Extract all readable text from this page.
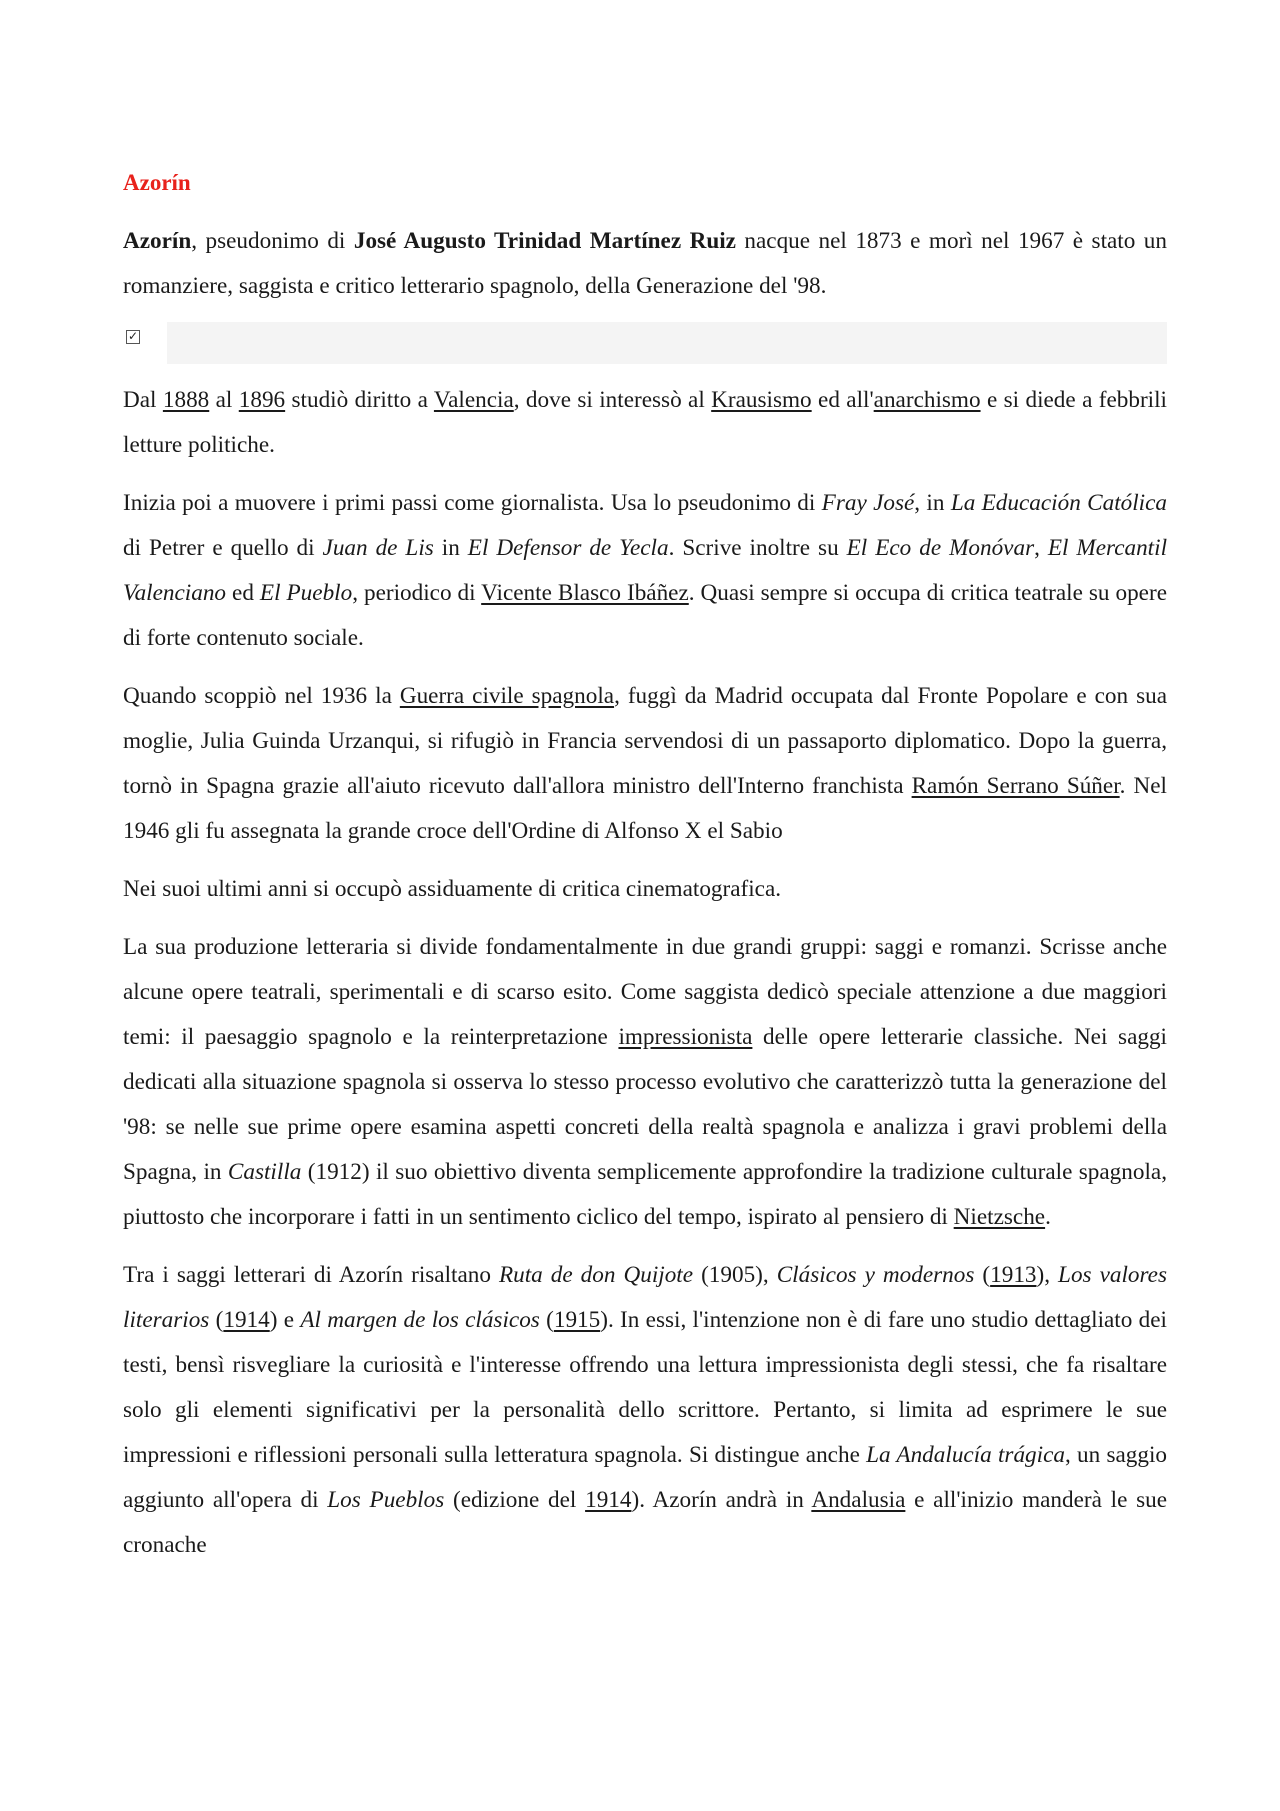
Azorín

Azorín, pseudonimo di José Augusto Trinidad Martínez Ruiz nacque nel 1873 e morì nel 1967 è stato un romanziere, saggista e critico letterario spagnolo, della Generazione del '98.

✓

Dal 1888 al 1896 studiò diritto a Valencia, dove si interessò al Krausismo ed all'anarchismo e si diede a febbrili letture politiche.

Inizia poi a muovere i primi passi come giornalista. Usa lo pseudonimo di Fray José, in La Educación Católica di Petrer e quello di Juan de Lis in El Defensor de Yecla. Scrive inoltre su El Eco de Monóvar, El Mercantil Valenciano ed El Pueblo, periodico di Vicente Blasco Ibáñez. Quasi sempre si occupa di critica teatrale su opere di forte contenuto sociale.

Quando scoppiò nel 1936 la Guerra civile spagnola, fuggì da Madrid occupata dal Fronte Popolare e con sua moglie, Julia Guinda Urzanqui, si rifugiò in Francia servendosi di un passaporto diplomatico. Dopo la guerra, tornò in Spagna grazie all'aiuto ricevuto dall'allora ministro dell'Interno franchista Ramón Serrano Súñer. Nel 1946 gli fu assegnata la grande croce dell'Ordine di Alfonso X el Sabio

Nei suoi ultimi anni si occupò assiduamente di critica cinematografica.

La sua produzione letteraria si divide fondamentalmente in due grandi gruppi: saggi e romanzi. Scrisse anche alcune opere teatrali, sperimentali e di scarso esito. Come saggista dedicò speciale attenzione a due maggiori temi: il paesaggio spagnolo e la reinterpretazione impressionista delle opere letterarie classiche. Nei saggi dedicati alla situazione spagnola si osserva lo stesso processo evolutivo che caratterizzò tutta la generazione del '98: se nelle sue prime opere esamina aspetti concreti della realtà spagnola e analizza i gravi problemi della Spagna, in Castilla (1912) il suo obiettivo diventa semplicemente approfondire la tradizione culturale spagnola, piuttosto che incorporare i fatti in un sentimento ciclico del tempo, ispirato al pensiero di Nietzsche.

Tra i saggi letterari di Azorín risaltano Ruta de don Quijote (1905), Clásicos y modernos (1913), Los valores literarios (1914) e Al margen de los clásicos (1915). In essi, l'intenzione non è di fare uno studio dettagliato dei testi, bensì risvegliare la curiosità e l'interesse offrendo una lettura impressionista degli stessi, che fa risaltare solo gli elementi significativi per la personalità dello scrittore. Pertanto, si limita ad esprimere le sue impressioni e riflessioni personali sulla letteratura spagnola. Si distingue anche La Andalucía trágica, un saggio aggiunto all'opera di Los Pueblos (edizione del 1914). Azorín andrà in Andalusia e all'inizio manderà le sue cronache
